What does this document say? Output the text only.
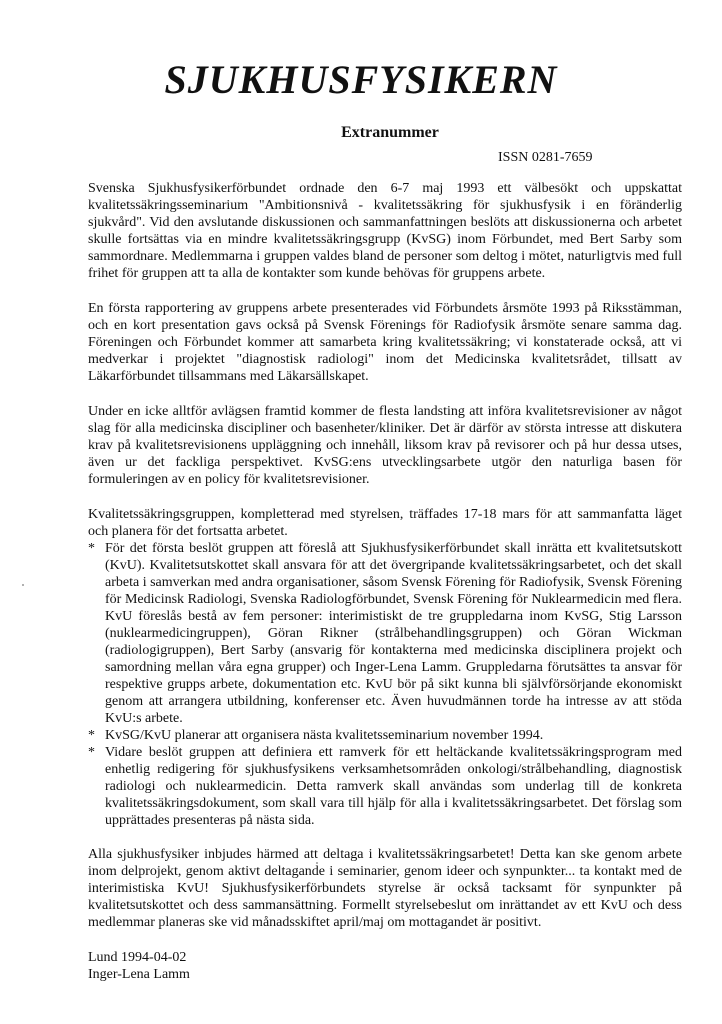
SJUKHUSFYSIKERN
Extranummer
ISSN 0281-7659

Svenska Sjukhusfysikerförbundet ordnade den 6-7 maj 1993 ett välbesökt och uppskattat kvalitetssäkringsseminarium "Ambitionsnivå - kvalitetssäkring för sjukhusfysik i en föränderlig sjukvård". Vid den avslutande diskussionen och sammanfattningen beslöts att diskussionerna och arbetet skulle fortsättas via en mindre kvalitetssäkringsgrupp (KvSG) inom Förbundet, med Bert Sarby som sammordnare. Medlemmarna i gruppen valdes bland de personer som deltog i mötet, naturligtvis med full frihet för gruppen att ta alla de kontakter som kunde behövas för gruppens arbete.

En första rapportering av gruppens arbete presenterades vid Förbundets årsmöte 1993 på Riksstämman, och en kort presentation gavs också på Svensk Förenings för Radiofysik årsmöte senare samma dag. Föreningen och Förbundet kommer att samarbeta kring kvalitetssäkring; vi konstaterade också, att vi medverkar i projektet "diagnostisk radiologi" inom det Medicinska kvalitetsrådet, tillsatt av Läkarförbundet tillsammans med Läkarsällskapet.

Under en icke alltför avlägsen framtid kommer de flesta landsting att införa kvalitetsrevisioner av något slag för alla medicinska discipliner och basenheter/kliniker. Det är därför av största intresse att diskutera krav på kvalitetsrevisionens uppläggning och innehåll, liksom krav på revisorer och på hur dessa utses, även ur det fackliga perspektivet. KvSG:ens utvecklingsarbete utgör den naturliga basen för formuleringen av en policy för kvalitetsrevisioner.

Kvalitetssäkringsgruppen, kompletterad med styrelsen, träffades 17-18 mars för att sammanfatta läget och planera för det fortsatta arbetet.

* För det första beslöt gruppen att föreslå att Sjukhusfysikerförbundet skall inrätta ett kvalitetsutskott (KvU). Kvalitetsutskottet skall ansvara för att det övergripande kvalitetssäkringsarbetet, och det skall arbeta i samverkan med andra organisationer, såsom Svensk Förening för Radiofysik, Svensk Förening för Medicinsk Radiologi, Svenska Radiologförbundet, Svensk Förening för Nuklearmedicin med flera. KvU föreslås bestå av fem personer: interimistiskt de tre gruppledarna inom KvSG, Stig Larsson (nuklearmedicingruppen), Göran Rikner (strålbehandlingsgruppen) och Göran Wickman (radiologigruppen), Bert Sarby (ansvarig för kontakterna med medicinska disciplinera projekt och samordning mellan våra egna grupper) och Inger-Lena Lamm. Gruppledarna förutsättes ta ansvar för respektive grupps arbete, dokumentation etc. KvU bör på sikt kunna bli självförsörjande ekonomiskt genom att arrangera utbildning, konferenser etc. Även huvudmännen torde ha intresse av att stöda KvU:s arbete.
* KvSG/KvU planerar att organisera nästa kvalitetsseminarium november 1994.
* Vidare beslöt gruppen att definiera ett ramverk för ett heltäckande kvalitetssäkringsprogram med enhetlig redigering för sjukhusfysikens verksamhetsområden onkologi/strålbehandling, diagnostisk radiologi och nuklearmedicin. Detta ramverk skall användas som underlag till de konkreta kvalitetssäkringsdokument, som skall vara till hjälp för alla i kvalitetssäkringsarbetet. Det förslag som upprättades presenteras på nästa sida.

Alla sjukhusfysiker inbjudes härmed att deltaga i kvalitetssäkringsarbetet! Detta kan ske genom arbete inom delprojekt, genom aktivt deltagande i seminarier, genom ideer och synpunkter... ta kontakt med de interimistiska KvU! Sjukhusfysikerförbundets styrelse är också tacksamt för synpunkter på kvalitetsutskottet och dess sammansättning. Formellt styrelsebeslut om inrättandet av ett KvU och dess medlemmar planeras ske vid månadsskiftet april/maj om mottagandet är positivt.

Lund 1994-04-02
Inger-Lena Lamm
